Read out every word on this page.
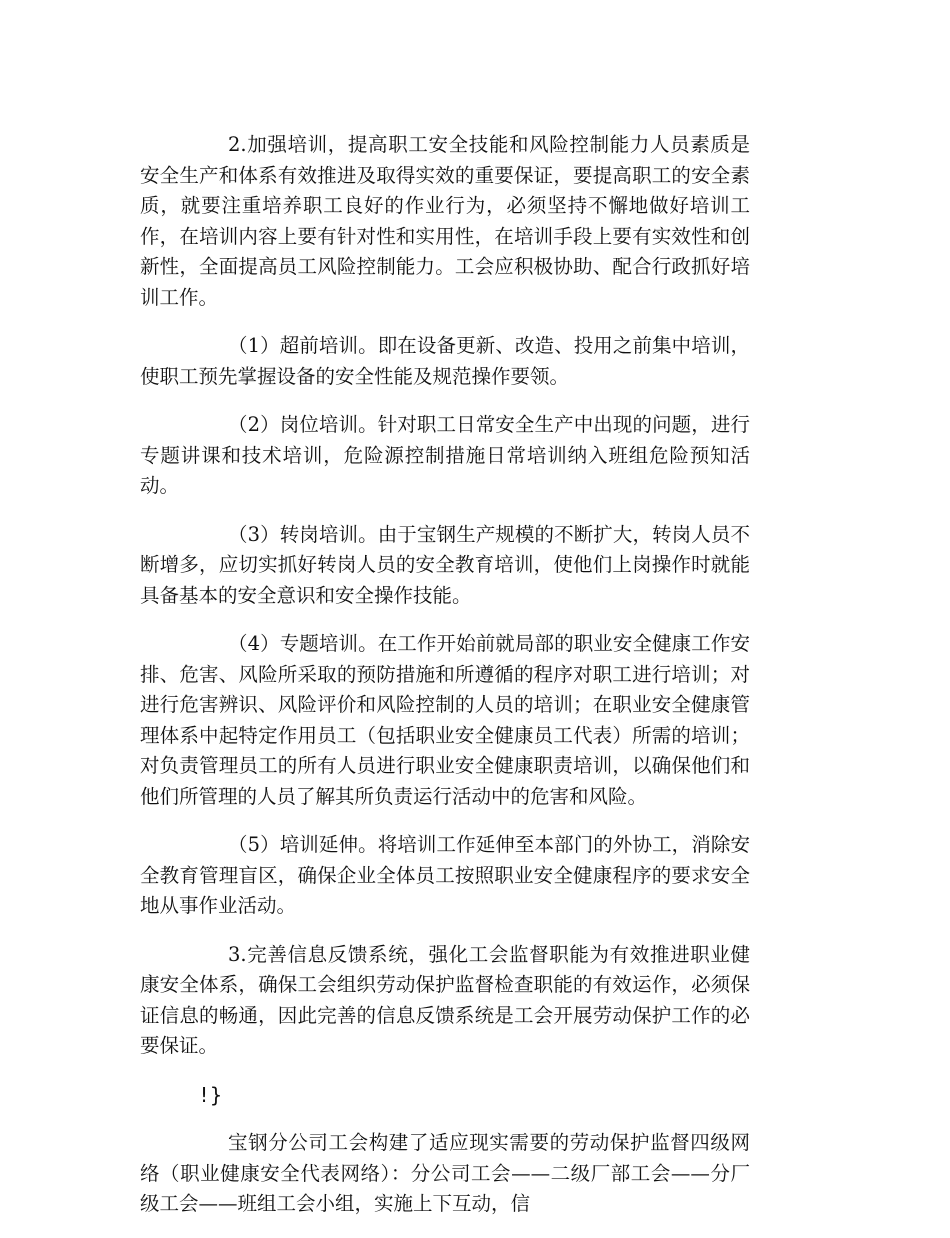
2.加强培训，提高职工安全技能和风险控制能力人员素质是安全生产和体系有效推进及取得实效的重要保证，要提高职工的安全素质，就要注重培养职工良好的作业行为，必须坚持不懈地做好培训工作，在培训内容上要有针对性和实用性，在培训手段上要有实效性和创新性，全面提高员工风险控制能力。工会应积极协助、配合行政抓好培训工作。

（1）超前培训。即在设备更新、改造、投用之前集中培训，使职工预先掌握设备的安全性能及规范操作要领。

（2）岗位培训。针对职工日常安全生产中出现的问题，进行专题讲课和技术培训，危险源控制措施日常培训纳入班组危险预知活动。

（3）转岗培训。由于宝钢生产规模的不断扩大，转岗人员不断增多，应切实抓好转岗人员的安全教育培训，使他们上岗操作时就能具备基本的安全意识和安全操作技能。

（4）专题培训。在工作开始前就局部的职业安全健康工作安排、危害、风险所采取的预防措施和所遵循的程序对职工进行培训；对进行危害辨识、风险评价和风险控制的人员的培训；在职业安全健康管理体系中起特定作用员工（包括职业安全健康员工代表）所需的培训；对负责管理员工的所有人员进行职业安全健康职责培训，以确保他们和他们所管理的人员了解其所负责运行活动中的危害和风险。

（5）培训延伸。将培训工作延伸至本部门的外协工，消除安全教育管理盲区，确保企业全体员工按照职业安全健康程序的要求安全地从事作业活动。

3.完善信息反馈系统，强化工会监督职能为有效推进职业健康安全体系，确保工会组织劳动保护监督检查职能的有效运作，必须保证信息的畅通，因此完善的信息反馈系统是工会开展劳动保护工作的必要保证。

!}

宝钢分公司工会构建了适应现实需要的劳动保护监督四级网络（职业健康安全代表网络）：分公司工会——二级厂部工会——分厂级工会——班组工会小组，实施上下互动，信
